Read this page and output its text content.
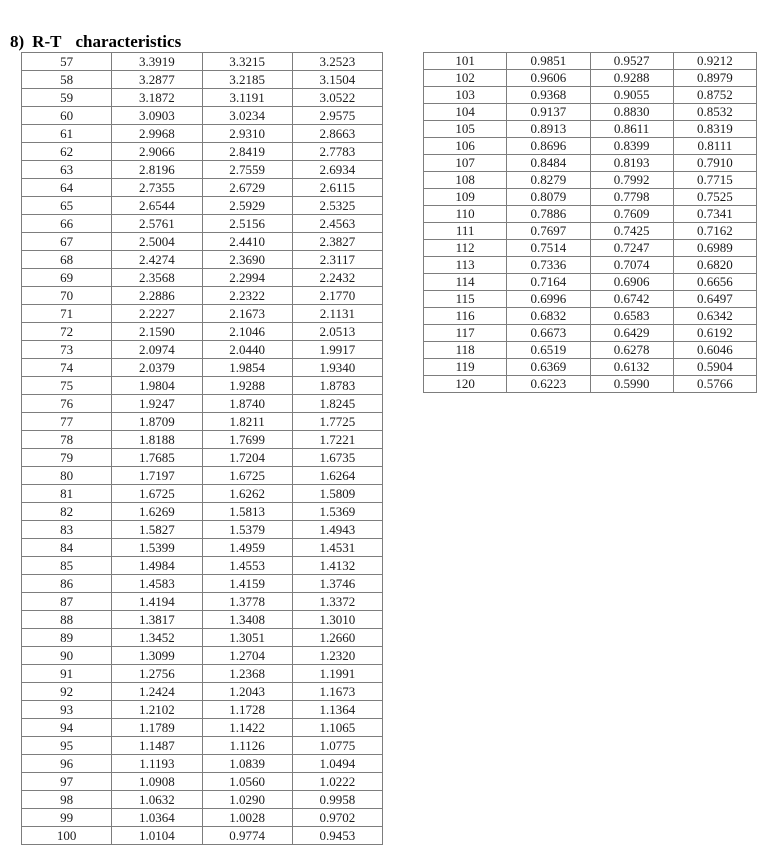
8) R-T characteristics
57	3.3919	3.3215	3.2523
58	3.2877	3.2185	3.1504
59	3.1872	3.1191	3.0522
60	3.0903	3.0234	2.9575
61	2.9968	2.9310	2.8663
62	2.9066	2.8419	2.7783
63	2.8196	2.7559	2.6934
64	2.7355	2.6729	2.6115
65	2.6544	2.5929	2.5325
66	2.5761	2.5156	2.4563
67	2.5004	2.4410	2.3827
68	2.4274	2.3690	2.3117
69	2.3568	2.2994	2.2432
70	2.2886	2.2322	2.1770
71	2.2227	2.1673	2.1131
72	2.1590	2.1046	2.0513
73	2.0974	2.0440	1.9917
74	2.0379	1.9854	1.9340
75	1.9804	1.9288	1.8783
76	1.9247	1.8740	1.8245
77	1.8709	1.8211	1.7725
78	1.8188	1.7699	1.7221
79	1.7685	1.7204	1.6735
80	1.7197	1.6725	1.6264
81	1.6725	1.6262	1.5809
82	1.6269	1.5813	1.5369
83	1.5827	1.5379	1.4943
84	1.5399	1.4959	1.4531
85	1.4984	1.4553	1.4132
86	1.4583	1.4159	1.3746
87	1.4194	1.3778	1.3372
88	1.3817	1.3408	1.3010
89	1.3452	1.3051	1.2660
90	1.3099	1.2704	1.2320
91	1.2756	1.2368	1.1991
92	1.2424	1.2043	1.1673
93	1.2102	1.1728	1.1364
94	1.1789	1.1422	1.1065
95	1.1487	1.1126	1.0775
96	1.1193	1.0839	1.0494
97	1.0908	1.0560	1.0222
98	1.0632	1.0290	0.9958
99	1.0364	1.0028	0.9702
100	1.0104	0.9774	0.9453
101	0.9851	0.9527	0.9212
102	0.9606	0.9288	0.8979
103	0.9368	0.9055	0.8752
104	0.9137	0.8830	0.8532
105	0.8913	0.8611	0.8319
106	0.8696	0.8399	0.8111
107	0.8484	0.8193	0.7910
108	0.8279	0.7992	0.7715
109	0.8079	0.7798	0.7525
110	0.7886	0.7609	0.7341
111	0.7697	0.7425	0.7162
112	0.7514	0.7247	0.6989
113	0.7336	0.7074	0.6820
114	0.7164	0.6906	0.6656
115	0.6996	0.6742	0.6497
116	0.6832	0.6583	0.6342
117	0.6673	0.6429	0.6192
118	0.6519	0.6278	0.6046
119	0.6369	0.6132	0.5904
120	0.6223	0.5990	0.5766
